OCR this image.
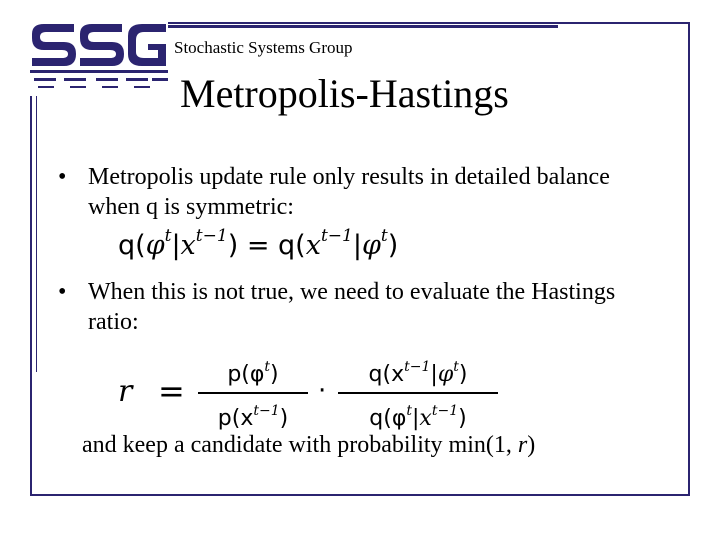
Stochastic Systems Group
Metropolis-Hastings
• Metropolis update rule only results in detailed balance when q is symmetric:
$q(\varphi^t|x^{t-1}) = q(x^{t-1}|\varphi^t)$
• When this is not true, we need to evaluate the Hastings ratio:
r =	$p(\varphi^t)$
$p(x^{t-1})$
·
$q(x^{t-1}|\varphi^t)$
$q(\varphi^t|x^{t-1})$
and keep a candidate with probability min(1, r)
